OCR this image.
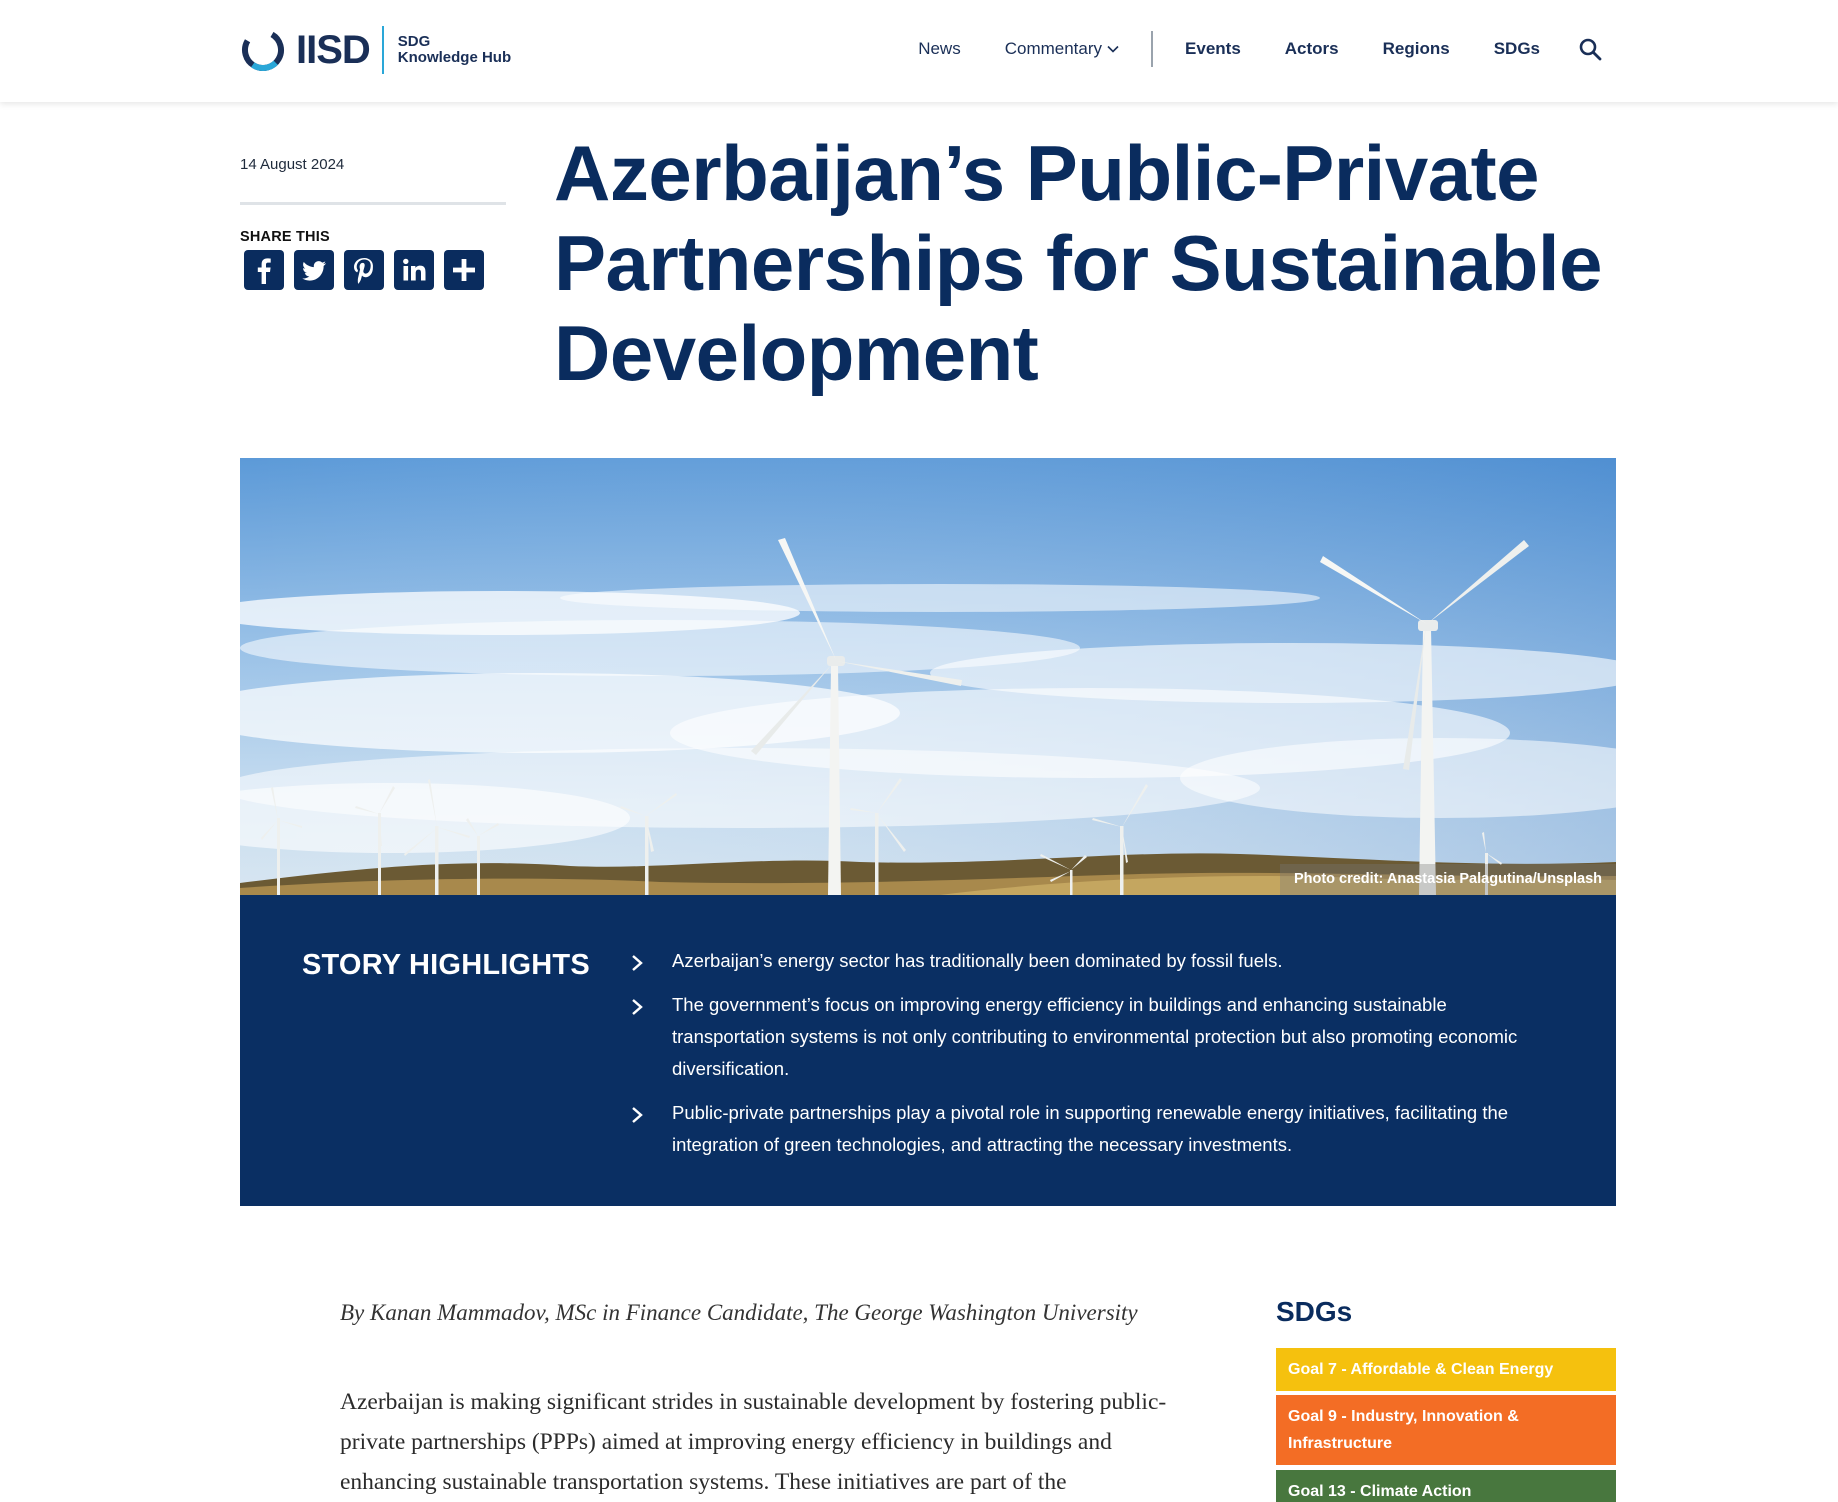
IISD SDG
Knowledge Hub	News	Commentary	Events	Actors	Regions	SDGs
14 August 2024
SHARE THIS
Azerbaijan’s Public-Private Partnerships for Sustainable Development
Photo credit: Anastasia Palagutina/Unsplash
STORY HIGHLIGHTS	Azerbaijan’s energy sector has traditionally been dominated by fossil fuels.
The government’s focus on improving energy efficiency in buildings and enhancing sustainable transportation systems is not only contributing to environmental protection but also promoting economic diversification.
Public-private partnerships play a pivotal role in supporting renewable energy initiatives, facilitating the integration of green technologies, and attracting the necessary investments.

By Kanan Mammadov, MSc in Finance Candidate, The George Washington University

Azerbaijan is making significant strides in sustainable development by fostering public-private partnerships (PPPs) aimed at improving energy efficiency in buildings and enhancing sustainable transportation systems. These initiatives are part of the

SDGs
Goal 7 - Affordable & Clean Energy
Goal 9 - Industry, Innovation & Infrastructure
Goal 13 - Climate Action
